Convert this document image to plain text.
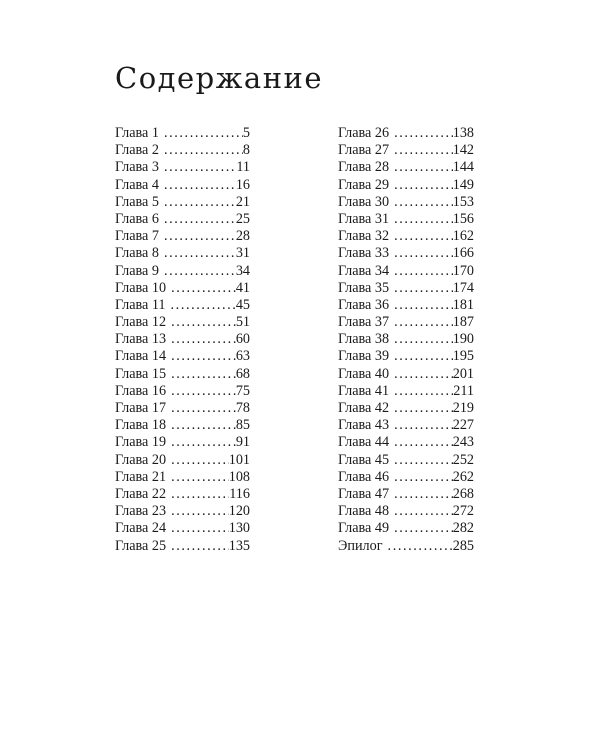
Содержание
Глава 1 .....	5
Глава 2 .....	8
Глава 3 .....	11
Глава 4 .....	16
Глава 5 .....	21
Глава 6 .....	25
Глава 7 .....	28
Глава 8 .....	31
Глава 9 .....	34
Глава 10 .....	41
Глава 11 .....	45
Глава 12 .....	51
Глава 13 .....	60
Глава 14 .....	63
Глава 15 .....	68
Глава 16 .....	75
Глава 17 .....	78
Глава 18 .....	85
Глава 19 .....	91
Глава 20 .....	101
Глава 21 .....	108
Глава 22 .....	116
Глава 23 .....	120
Глава 24 .....	130
Глава 25 .....	135
Глава 26 .....	138
Глава 27 .....	142
Глава 28 .....	144
Глава 29 .....	149
Глава 30 .....	153
Глава 31 .....	156
Глава 32 .....	162
Глава 33 .....	166
Глава 34 .....	170
Глава 35 .....	174
Глава 36 .....	181
Глава 37 .....	187
Глава 38 .....	190
Глава 39 .....	195
Глава 40 .....	201
Глава 41 .....	211
Глава 42 .....	219
Глава 43 .....	227
Глава 44 .....	243
Глава 45 .....	252
Глава 46 .....	262
Глава 47 .....	268
Глава 48 .....	272
Глава 49 .....	282
Эпилог .....	285
